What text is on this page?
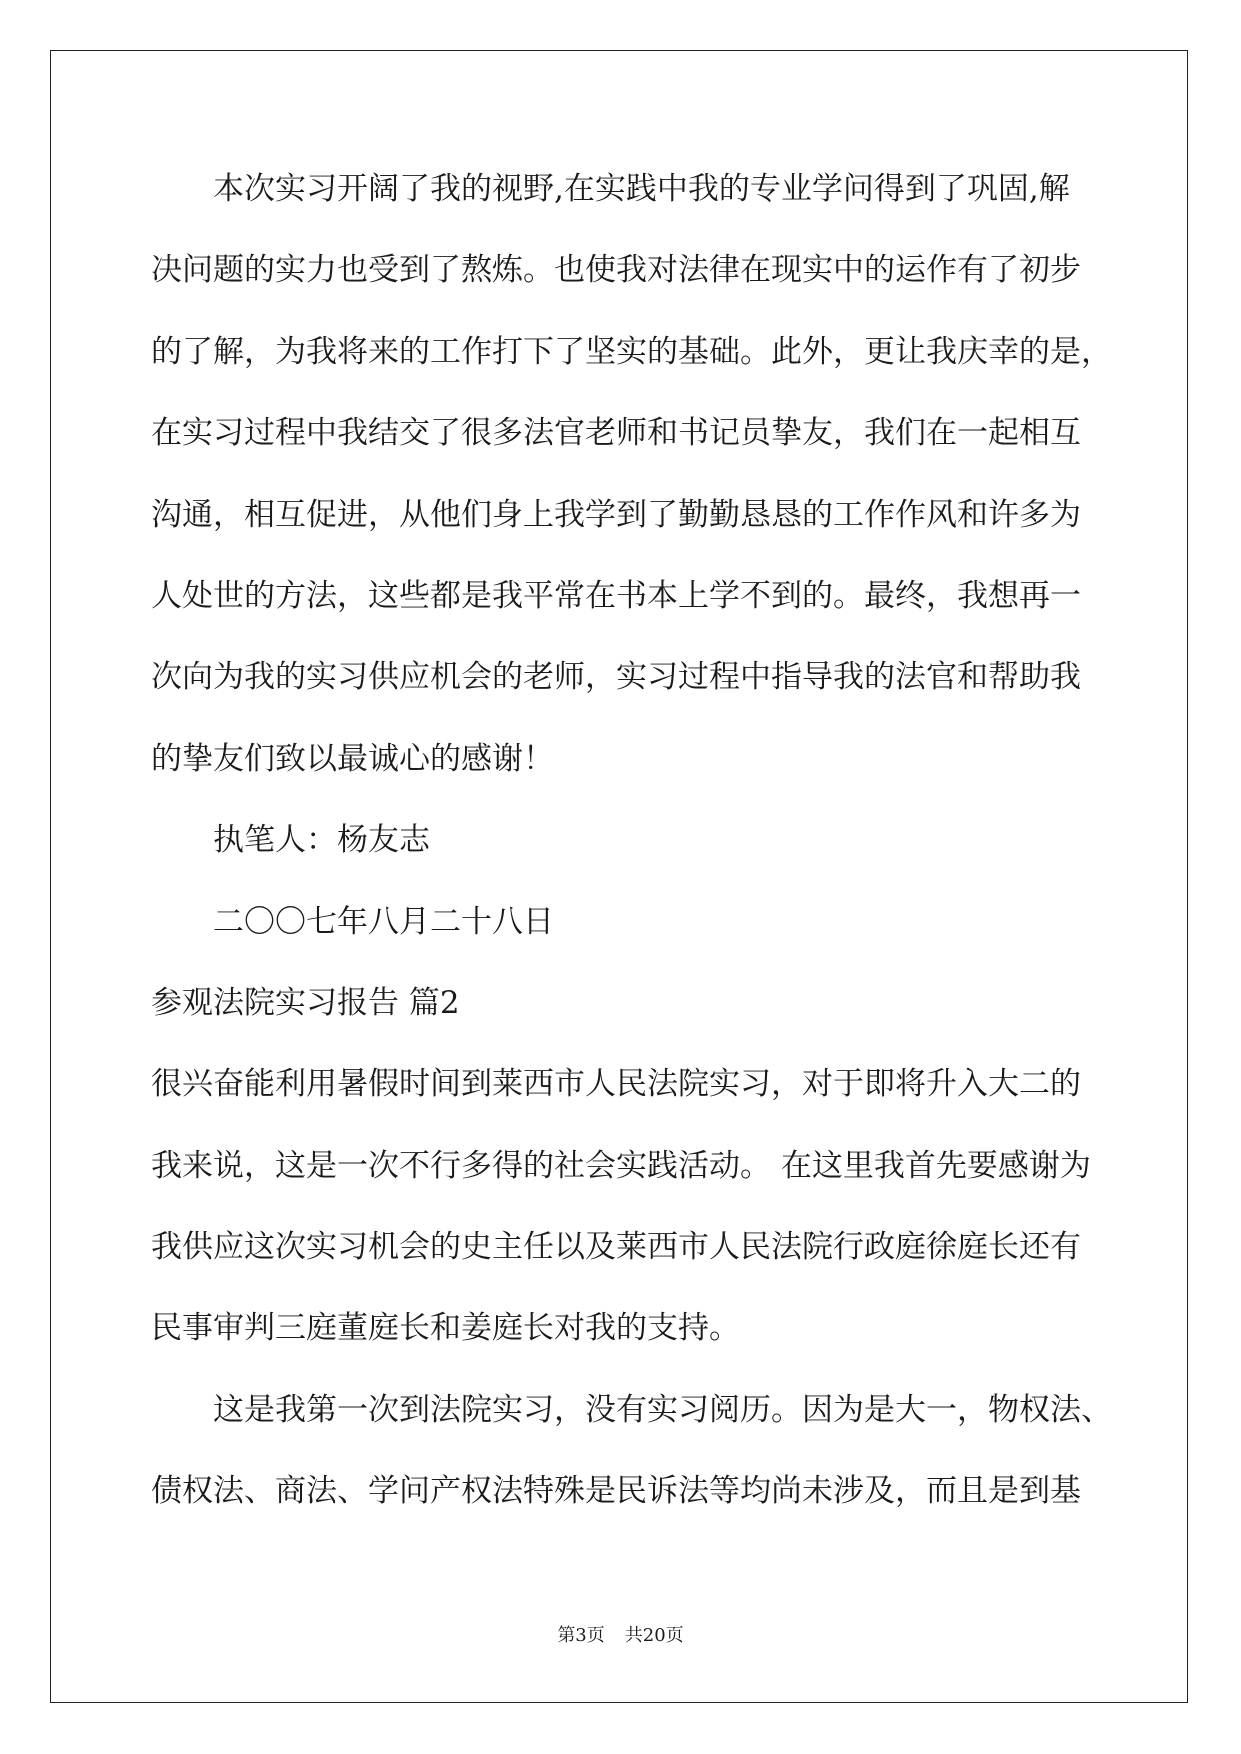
本次实习开阔了我的视野,在实践中我的专业学问得到了巩固,解
决问题的实力也受到了熬炼。也使我对法律在现实中的运作有了初步
的了解，为我将来的工作打下了坚实的基础。此外，更让我庆幸的是，
在实习过程中我结交了很多法官老师和书记员挚友，我们在一起相互
沟通，相互促进，从他们身上我学到了勤勤恳恳的工作作风和许多为
人处世的方法，这些都是我平常在书本上学不到的。最终，我想再一
次向为我的实习供应机会的老师，实习过程中指导我的法官和帮助我
的挚友们致以最诚心的感谢！
执笔人：杨友志
二〇〇七年八月二十八日
参观法院实习报告 篇2
很兴奋能利用暑假时间到莱西市人民法院实习，对于即将升入大二的
我来说，这是一次不行多得的社会实践活动。 在这里我首先要感谢为
我供应这次实习机会的史主任以及莱西市人民法院行政庭徐庭长还有
民事审判三庭董庭长和姜庭长对我的支持。
这是我第一次到法院实习，没有实习阅历。因为是大一，物权法、
债权法、商法、学问产权法特殊是民诉法等均尚未涉及，而且是到基
第3页 共20页
